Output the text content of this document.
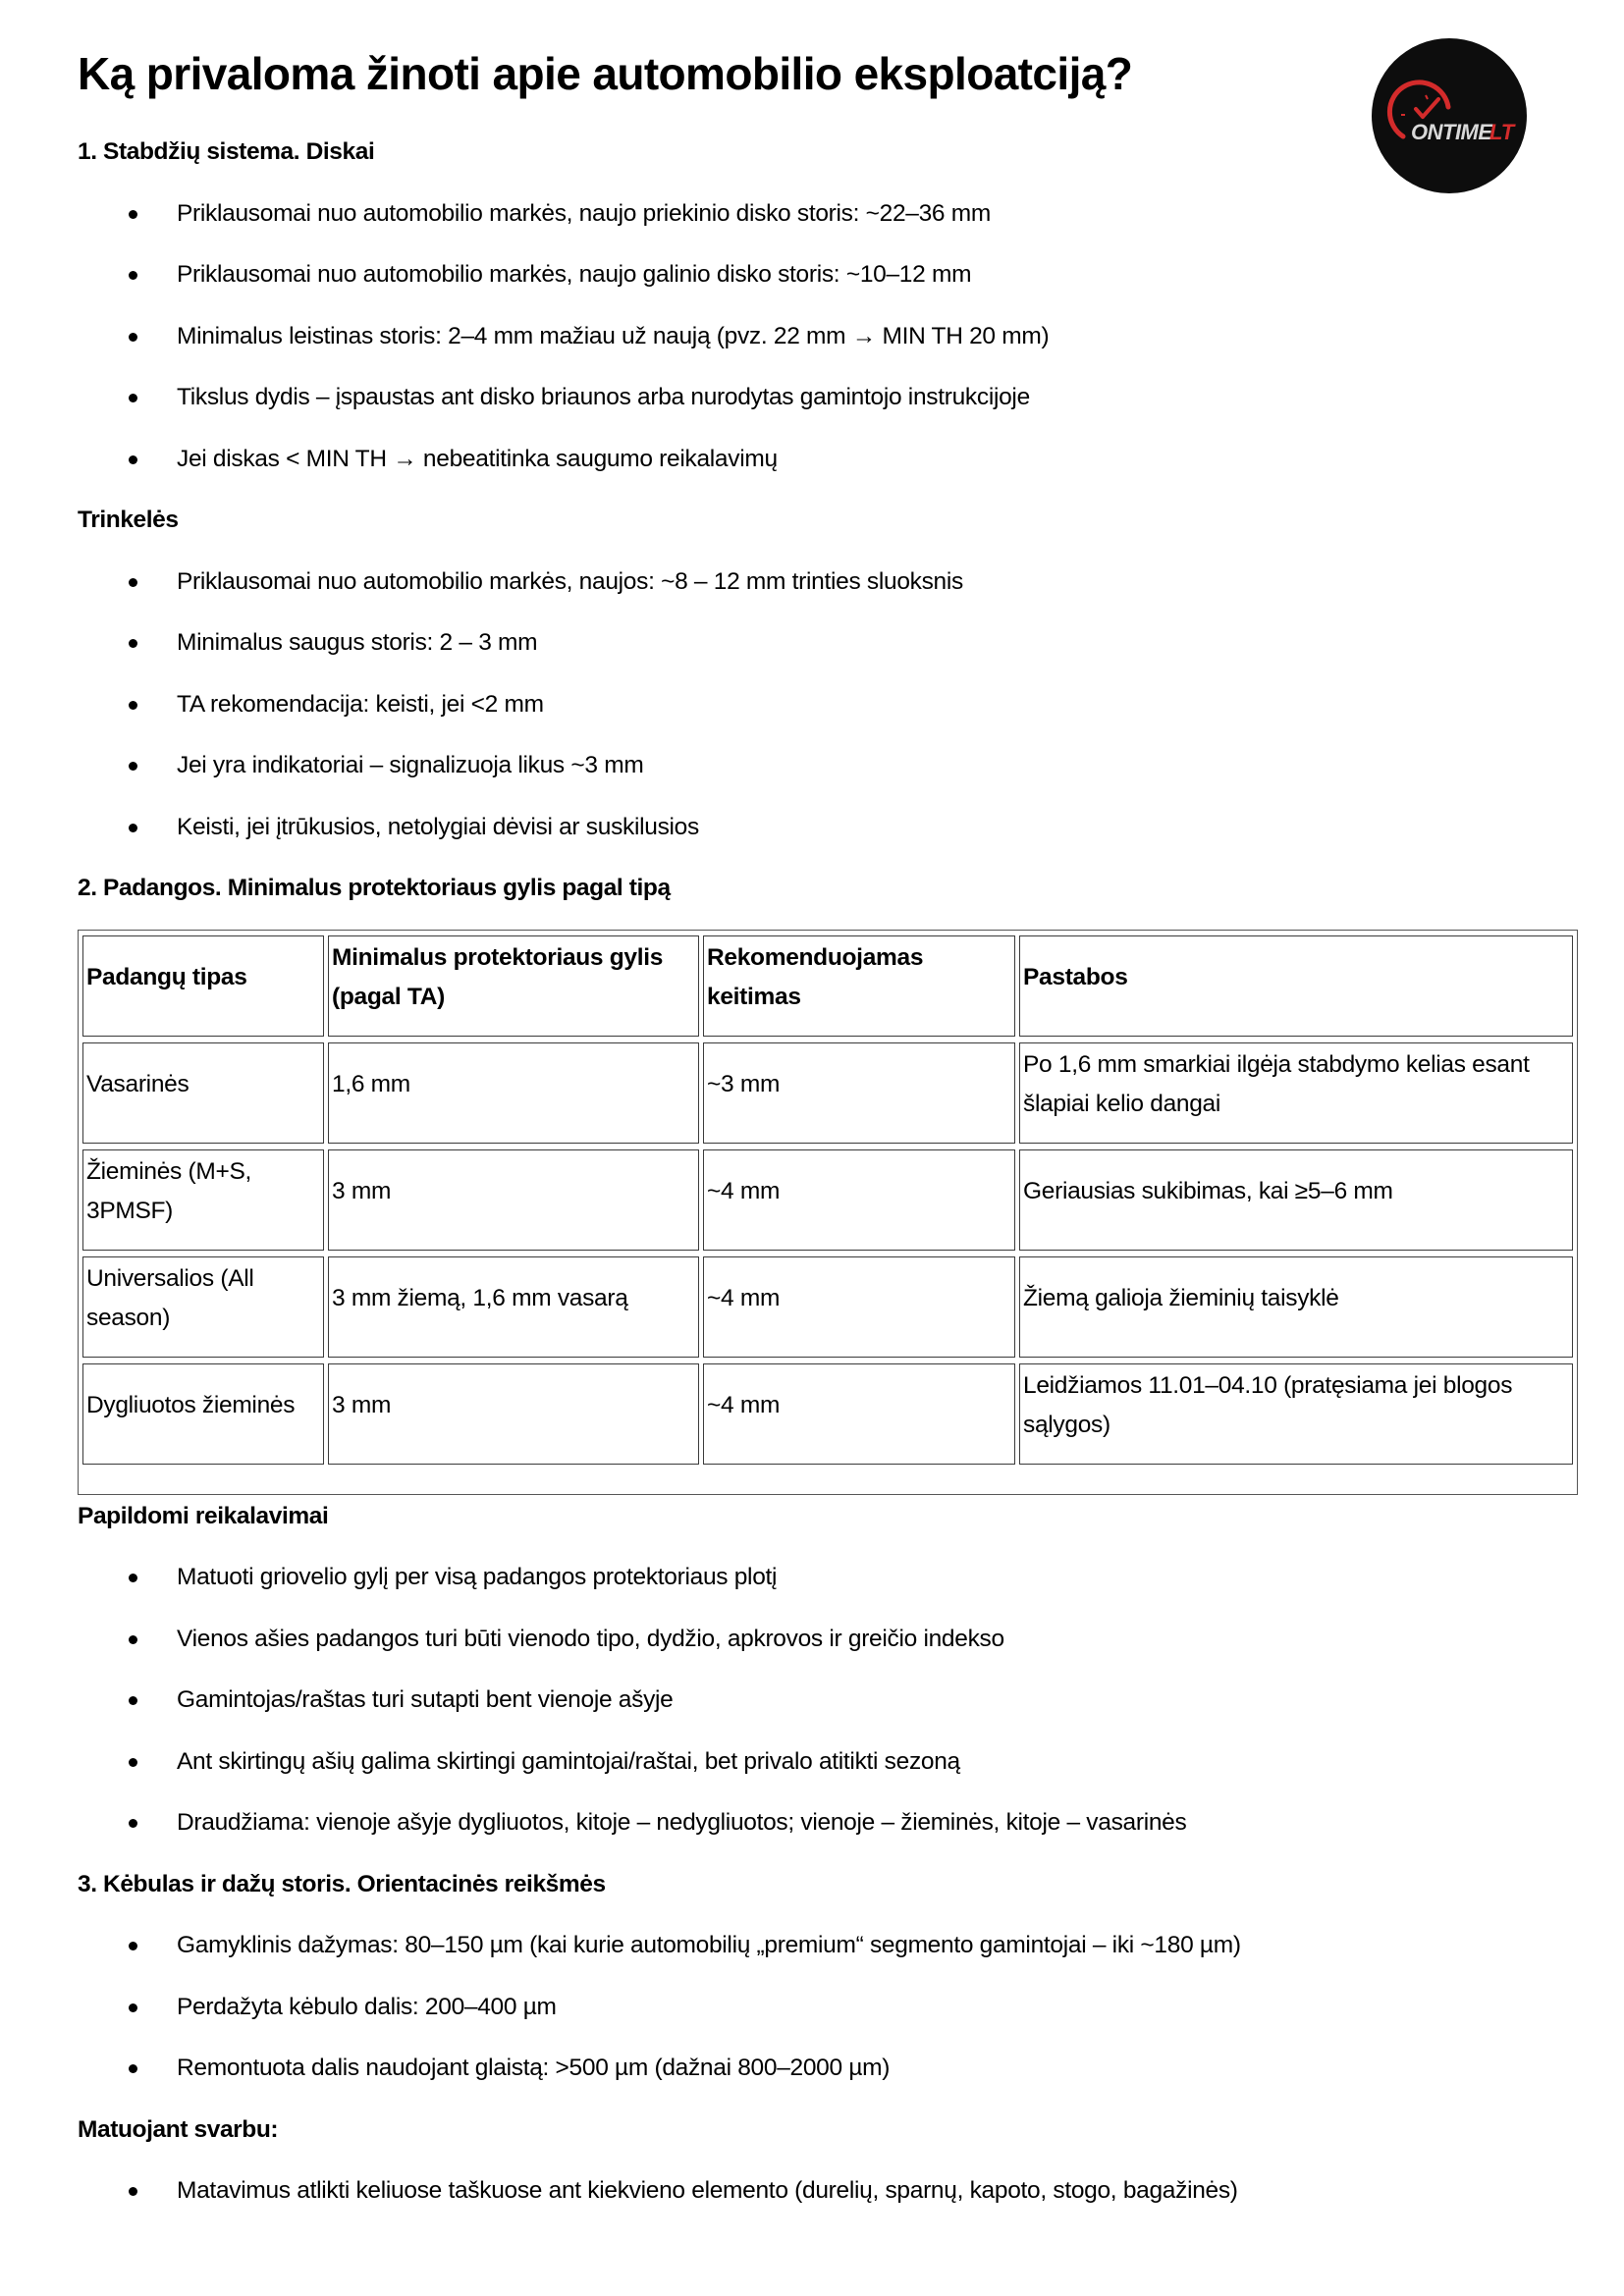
Ką privaloma žinoti apie automobilio eksploatciją?
ONTIME
LT
1. Stabdžių sistema. Diskai
Priklausomai nuo automobilio markės, naujo priekinio disko storis: ~22–36 mm
Priklausomai nuo automobilio markės, naujo galinio disko storis: ~10–12 mm
Minimalus leistinas storis: 2–4 mm mažiau už naują (pvz. 22 mm → MIN TH 20 mm)
Tikslus dydis – įspaustas ant disko briaunos arba nurodytas gamintojo instrukcijoje
Jei diskas < MIN TH → nebeatitinka saugumo reikalavimų
Trinkelės
Priklausomai nuo automobilio markės, naujos: ~8 – 12 mm trinties sluoksnis
Minimalus saugus storis: 2 – 3 mm
TA rekomendacija: keisti, jei <2 mm
Jei yra indikatoriai – signalizuoja likus ~3 mm
Keisti, jei įtrūkusios, netolygiai dėvisi ar suskilusios
2. Padangos. Minimalus protektoriaus gylis pagal tipą
Padangų tipas	Minimalus protektoriaus gylis (pagal TA)	Rekomenduojamas keitimas	Pastabos
Vasarinės	1,6 mm	~3 mm	Po 1,6 mm smarkiai ilgėja stabdymo kelias esant šlapiai kelio dangai
Žieminės (M+S, 3PMSF)	3 mm	~4 mm	Geriausias sukibimas, kai ≥5–6 mm
Universalios (All season)	3 mm žiemą, 1,6 mm vasarą	~4 mm	Žiemą galioja žieminių taisyklė
Dygliuotos žieminės	3 mm	~4 mm	Leidžiamos 11.01–04.10 (pratęsiama jei blogos sąlygos)
Papildomi reikalavimai
Matuoti griovelio gylį per visą padangos protektoriaus plotį
Vienos ašies padangos turi būti vienodo tipo, dydžio, apkrovos ir greičio indekso
Gamintojas/raštas turi sutapti bent vienoje ašyje
Ant skirtingų ašių galima skirtingi gamintojai/raštai, bet privalo atitikti sezoną
Draudžiama: vienoje ašyje dygliuotos, kitoje – nedygliuotos; vienoje – žieminės, kitoje – vasarinės
3. Kėbulas ir dažų storis. Orientacinės reikšmės
Gamyklinis dažymas: 80–150 µm (kai kurie automobilių „premium“ segmento gamintojai – iki ~180 µm)
Perdažyta kėbulo dalis: 200–400 µm
Remontuota dalis naudojant glaistą: >500 µm (dažnai 800–2000 µm)
Matuojant svarbu:
Matavimus atlikti keliuose taškuose ant kiekvieno elemento (durelių, sparnų, kapoto, stogo, bagažinės)
